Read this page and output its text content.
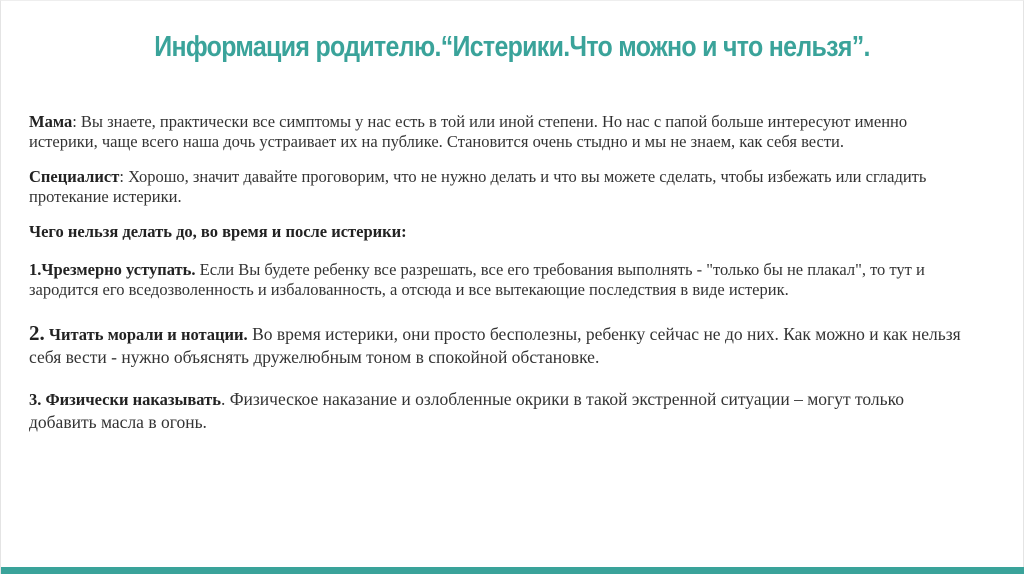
Информация родителю.“Истерики.Что можно и что нельзя”.

Мама: Вы знаете, практически все симптомы у нас есть в той или иной степени. Но нас с папой больше интересуют именно истерики, чаще всего наша дочь устраивает их на публике. Становится очень стыдно и мы не знаем, как себя вести.

Специалист: Хорошо, значит давайте проговорим, что не нужно делать и что вы можете сделать, чтобы избежать или сгладить протекание истерики.

Чего нельзя делать до, во время и после истерики:

1.Чрезмерно уступать. Если Вы будете ребенку все разрешать, все его требования выполнять - "только бы не плакал", то тут и зародится его вседозволенность и избалованность, а отсюда и все вытекающие последствия в виде истерик.

2. Читать морали и нотации. Во время истерики, они просто бесполезны, ребенку сейчас не до них. Как можно и как нельзя себя вести - нужно объяснять дружелюбным тоном в спокойной обстановке.

3. Физически наказывать. Физическое наказание и озлобленные окрики в такой экстренной ситуации – могут только добавить масла в огонь.
